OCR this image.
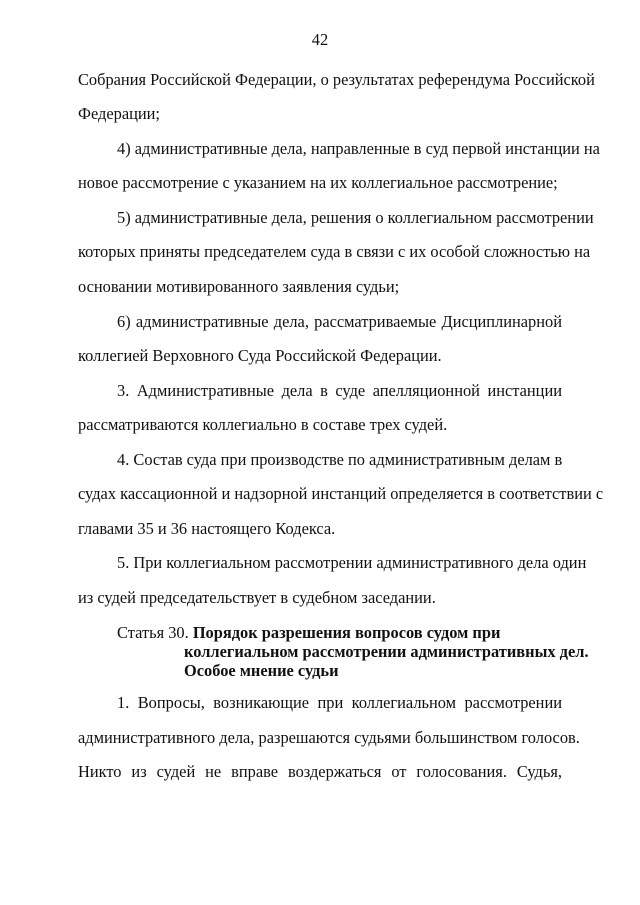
42
Собрания Российской Федерации, о результатах референдума Российской
Федерации;
4) административные дела, направленные в суд первой инстанции на
новое рассмотрение с указанием на их коллегиальное рассмотрение;
5) административные дела, решения о коллегиальном рассмотрении
которых приняты председателем суда в связи с их особой сложностью на
основании мотивированного заявления судьи;
6) административные дела, рассматриваемые Дисциплинарной
коллегией Верховного Суда Российской Федерации.
3. Административные дела в суде апелляционной инстанции
рассматриваются коллегиально в составе трех судей.
4. Состав суда при производстве по административным делам в
судах кассационной и надзорной инстанций определяется в соответствии с
главами 35 и 36 настоящего Кодекса.
5. При коллегиальном рассмотрении административного дела один
из судей председательствует в судебном заседании.
Статья 30. Порядок разрешения вопросов судом при
коллегиальном рассмотрении административных дел.
Особое мнение судьи
1. Вопросы, возникающие при коллегиальном рассмотрении
административного дела, разрешаются судьями большинством голосов.
Никто из судей не вправе воздержаться от голосования. Судья,
